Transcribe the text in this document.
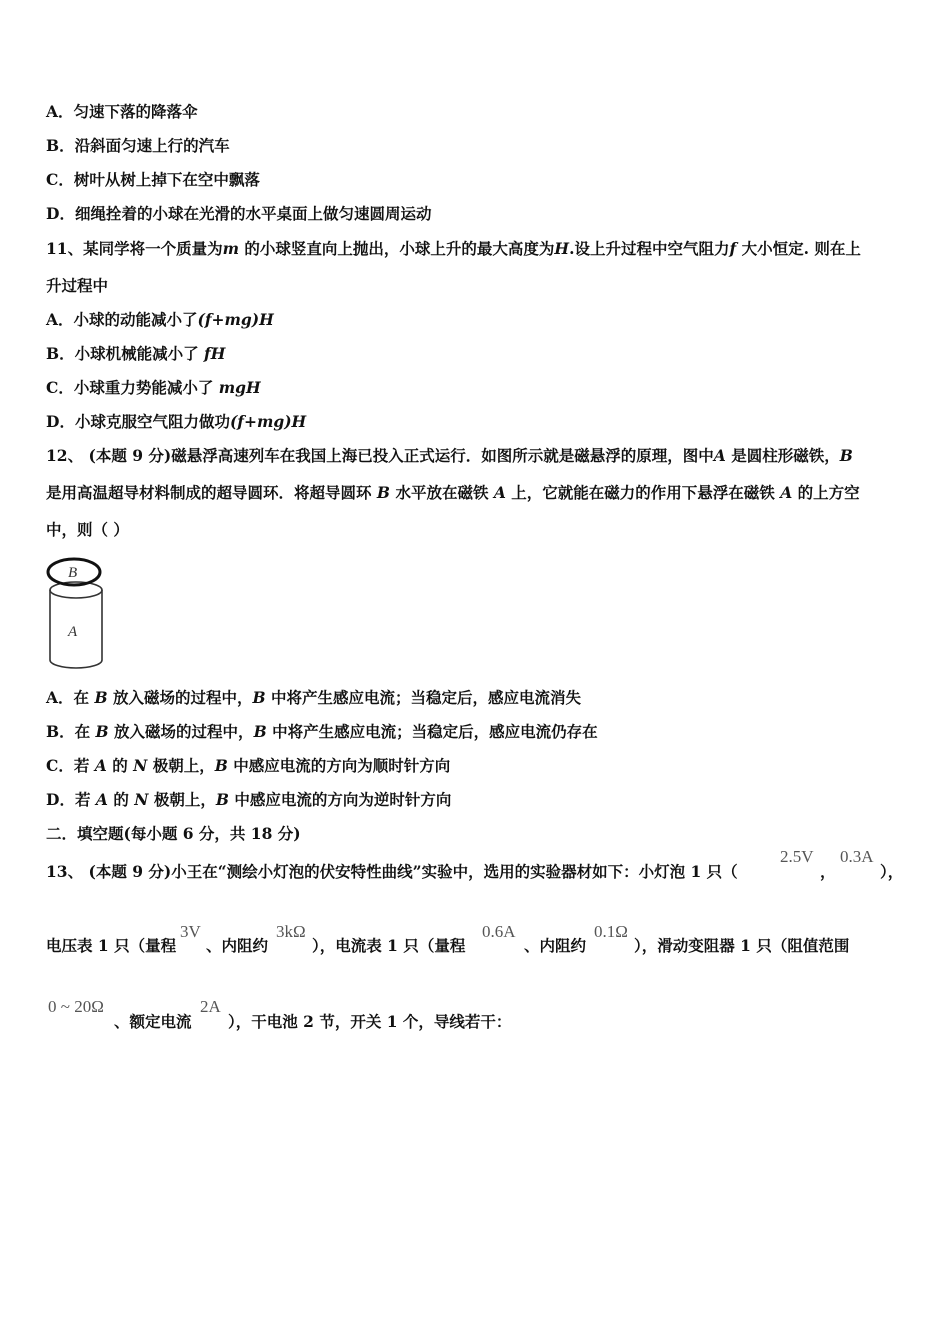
A．匀速下落的降落伞
B．沿斜面匀速上行的汽车
C．树叶从树上掉下在空中飘落
D．细绳拴着的小球在光滑的水平桌面上做匀速圆周运动
11、某同学将一个质量为m 的小球竖直向上抛出，小球上升的最大高度为H.设上升过程中空气阻力f 大小恒定. 则在上
升过程中
A．小球的动能减小了(f+mg)H
B．小球机械能减小了 fH
C．小球重力势能减小了 mgH
D．小球克服空气阻力做功(f+mg)H
12、 (本题 9 分)磁悬浮高速列车在我国上海已投入正式运行．如图所示就是磁悬浮的原理，图中A 是圆柱形磁铁，B
是用高温超导材料制成的超导圆环．将超导圆环 B 水平放在磁铁 A 上，它就能在磁力的作用下悬浮在磁铁 A 的上方空
中，则（ ）
B
A
A．在 B 放入磁场的过程中，B 中将产生感应电流；当稳定后，感应电流消失
B．在 B 放入磁场的过程中，B 中将产生感应电流；当稳定后，感应电流仍存在
C．若 A 的 N 极朝上，B 中感应电流的方向为顺时针方向
D．若 A 的 N 极朝上，B 中感应电流的方向为逆时针方向
二．填空题(每小题 6 分，共 18 分)
13、 (本题 9 分)小王在“测绘小灯泡的伏安特性曲线”实验中，选用的实验器材如下：小灯泡 1 只（
2.5V
，
0.3A
），
电压表 1 只（量程
3V
、内阻约
3kΩ
），电流表 1 只（量程
0.6A
、内阻约
0.1Ω
），滑动变阻器 1 只（阻值范围
0 ~ 20Ω
、额定电流
2A
），干电池 2 节，开关 1 个，导线若干：
